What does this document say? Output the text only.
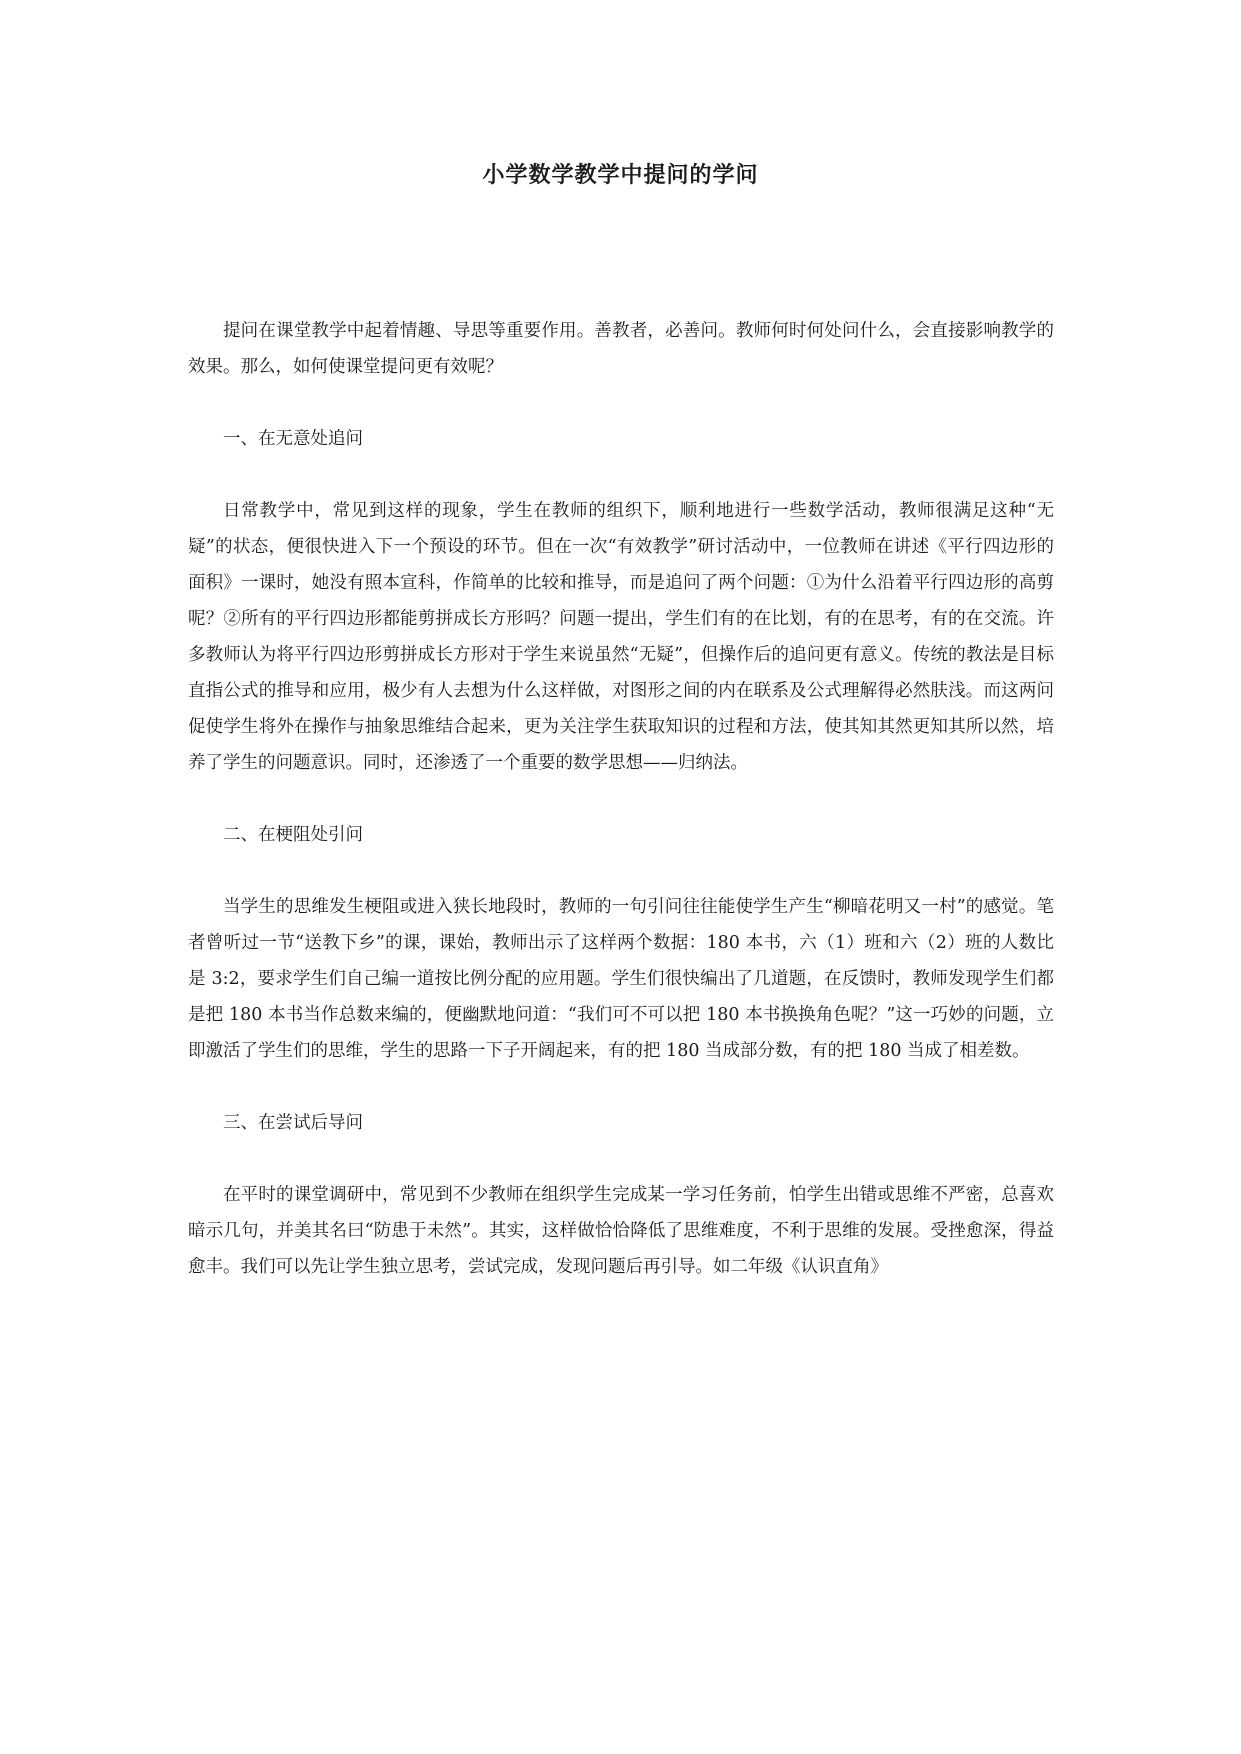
小学数学教学中提问的学问

提问在课堂教学中起着情趣、导思等重要作用。善教者，必善问。教师何时何处问什么，会直接影响教学的效果。那么，如何使课堂提问更有效呢？

一、在无意处追问

日常教学中，常见到这样的现象，学生在教师的组织下，顺利地进行一些数学活动，教师很满足这种“无疑”的状态，便很快进入下一个预设的环节。但在一次“有效教学”研讨活动中，一位教师在讲述《平行四边形的面积》一课时，她没有照本宣科，作简单的比较和推导，而是追问了两个问题：①为什么沿着平行四边形的高剪呢？②所有的平行四边形都能剪拼成长方形吗？问题一提出，学生们有的在比划，有的在思考，有的在交流。许多教师认为将平行四边形剪拼成长方形对于学生来说虽然“无疑”，但操作后的追问更有意义。传统的教法是目标直指公式的推导和应用，极少有人去想为什么这样做，对图形之间的内在联系及公式理解得必然肤浅。而这两问促使学生将外在操作与抽象思维结合起来，更为关注学生获取知识的过程和方法，使其知其然更知其所以然，培养了学生的问题意识。同时，还渗透了一个重要的数学思想——归纳法。

二、在梗阻处引问

当学生的思维发生梗阻或进入狭长地段时，教师的一句引问往往能使学生产生“柳暗花明又一村”的感觉。笔者曾听过一节“送教下乡”的课，课始，教师出示了这样两个数据：180 本书，六（1）班和六（2）班的人数比是 3:2，要求学生们自己编一道按比例分配的应用题。学生们很快编出了几道题，在反馈时，教师发现学生们都是把 180 本书当作总数来编的，便幽默地问道：“我们可不可以把 180 本书换换角色呢？”这一巧妙的问题，立即激活了学生们的思维，学生的思路一下子开阔起来，有的把 180 当成部分数，有的把 180 当成了相差数。

三、在尝试后导问

在平时的课堂调研中，常见到不少教师在组织学生完成某一学习任务前，怕学生出错或思维不严密，总喜欢暗示几句，并美其名曰“防患于未然”。其实，这样做恰恰降低了思维难度，不利于思维的发展。受挫愈深，得益愈丰。我们可以先让学生独立思考，尝试完成，发现问题后再引导。如二年级《认识直角》
